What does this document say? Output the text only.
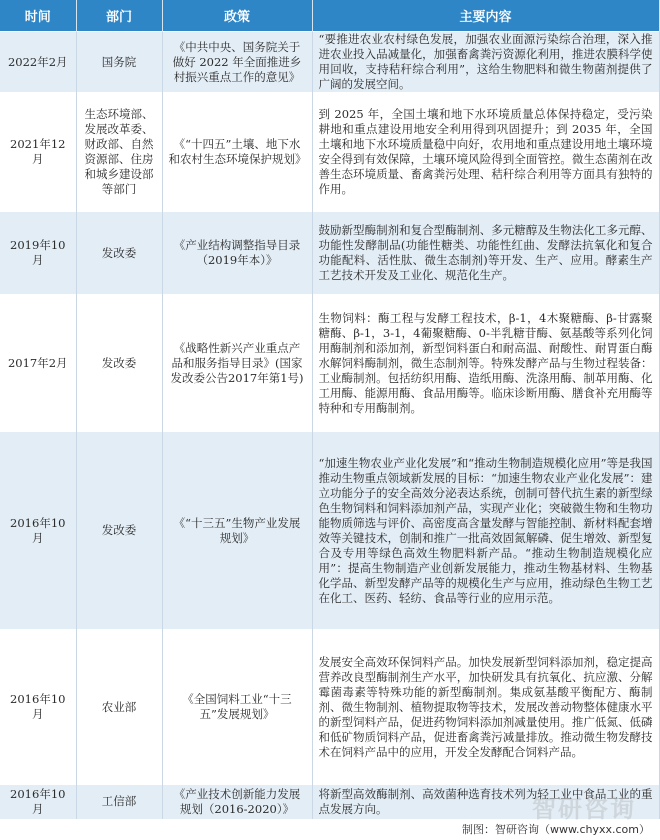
时间	部门	政策	主要内容
2022年2月	国务院	《中共中央、国务院关于做好 2022 年全面推进乡村振兴重点工作的意见》	“要推进农业农村绿色发展，加强农业面源污染综合治理，深入推进农业投入品减量化，加强畜禽粪污资源化利用，推进农膜科学使用回收，支持秸秆综合利用”，这给生物肥料和微生物菌剂提供了广阔的发展空间。
2021年12月	生态环境部、发展改革委、财政部、自然资源部、住房和城乡建设部等部门	《“十四五”土壤、地下水和农村生态环境保护规划》	到 2025 年，全国土壤和地下水环境质量总体保持稳定，受污染耕地和重点建设用地安全利用得到巩固提升；到 2035 年，全国土壤和地下水环境质量稳中向好，农用地和重点建设用地土壤环境安全得到有效保障，土壤环境风险得到全面管控。微生态菌剂在改善生态环境质量、畜禽粪污处理、秸秆综合利用等方面具有独特的作用。
2019年10月	发改委	《产业结构调整指导目录（2019年本）》	鼓励新型酶制剂和复合型酶制剂、多元糖醇及生物法化工多元醇、功能性发酵制品(功能性糖类、功能性红曲、发酵法抗氧化和复合功能配料、活性肽、微生态制剂)等开发、生产、应用。酵素生产工艺技术开发及工业化、规范化生产。
2017年2月	发改委	《战略性新兴产业重点产品和服务指导目录》(国家发改委公告2017年第1号)	生物饲料：酶工程与发酵工程技术，β-1，4木聚糖酶、β-甘露聚糖酶、β-1，3-1，4葡聚糖酶、0-半乳糖苷酶、氨基酸等系列化饲用酶制剂和添加剂，新型饲料蛋白和耐高温、耐酸性、耐胃蛋白酶水解饲料酶制剂，微生态制剂等。特殊发酵产品与生物过程装备：工业酶制剂。包括纺织用酶、造纸用酶、洗涤用酶、制革用酶、化工用酶、能源用酶、食品用酶等。临床诊断用酶、膳食补充用酶等特种和专用酶制剂。
2016年10月	发改委	《“十三五”生物产业发展规划》	“加速生物农业产业化发展”和“推动生物制造规模化应用”等是我国推动生物重点领域新发展的目标：“加速生物农业产业化发展”：建立功能分子的安全高效分泌表达系统，创制可替代抗生素的新型绿色生物饲料和饲料添加剂产品，实现产业化；突破微生物和生物功能物质筛选与评价、高密度高含量发酵与智能控制、新材料配套增效等关键技术，创制和推广一批高效固氮解磷、促生增效、新型复合及专用等绿色高效生物肥料新产品。“推动生物制造规模化应用”：提高生物制造产业创新发展能力，推动生物基材料、生物基化学品、新型发酵产品等的规模化生产与应用，推动绿色生物工艺在化工、医药、轻纺、食品等行业的应用示范。
2016年10月	农业部	《全国饲料工业“十三五”发展规划》	发展安全高效环保饲料产品。加快发展新型饲料添加剂，稳定提高营养改良型酶制剂生产水平，加快研发具有抗氧化、抗应激、分解霉菌毒素等特殊功能的新型酶制剂。集成氨基酸平衡配方、酶制剂、微生物制剂、植物提取物等技术，发展改善动物整体健康水平的新型饲料产品，促进药物饲料添加剂减量使用。推广低氮、低磷和低矿物质饲料产品，促进畜禽粪污减量排放。推动微生物发酵技术在饲料产品中的应用，开发全发酵配合饲料产品。
2016年10月	工信部	《产业技术创新能力发展规划（2016-2020）》	将新型高效酶制剂、高效菌种选育技术列为轻工业中食品工业的重点发展方向。	智研咨询
制图：智研咨询（www.chyxx.com）
